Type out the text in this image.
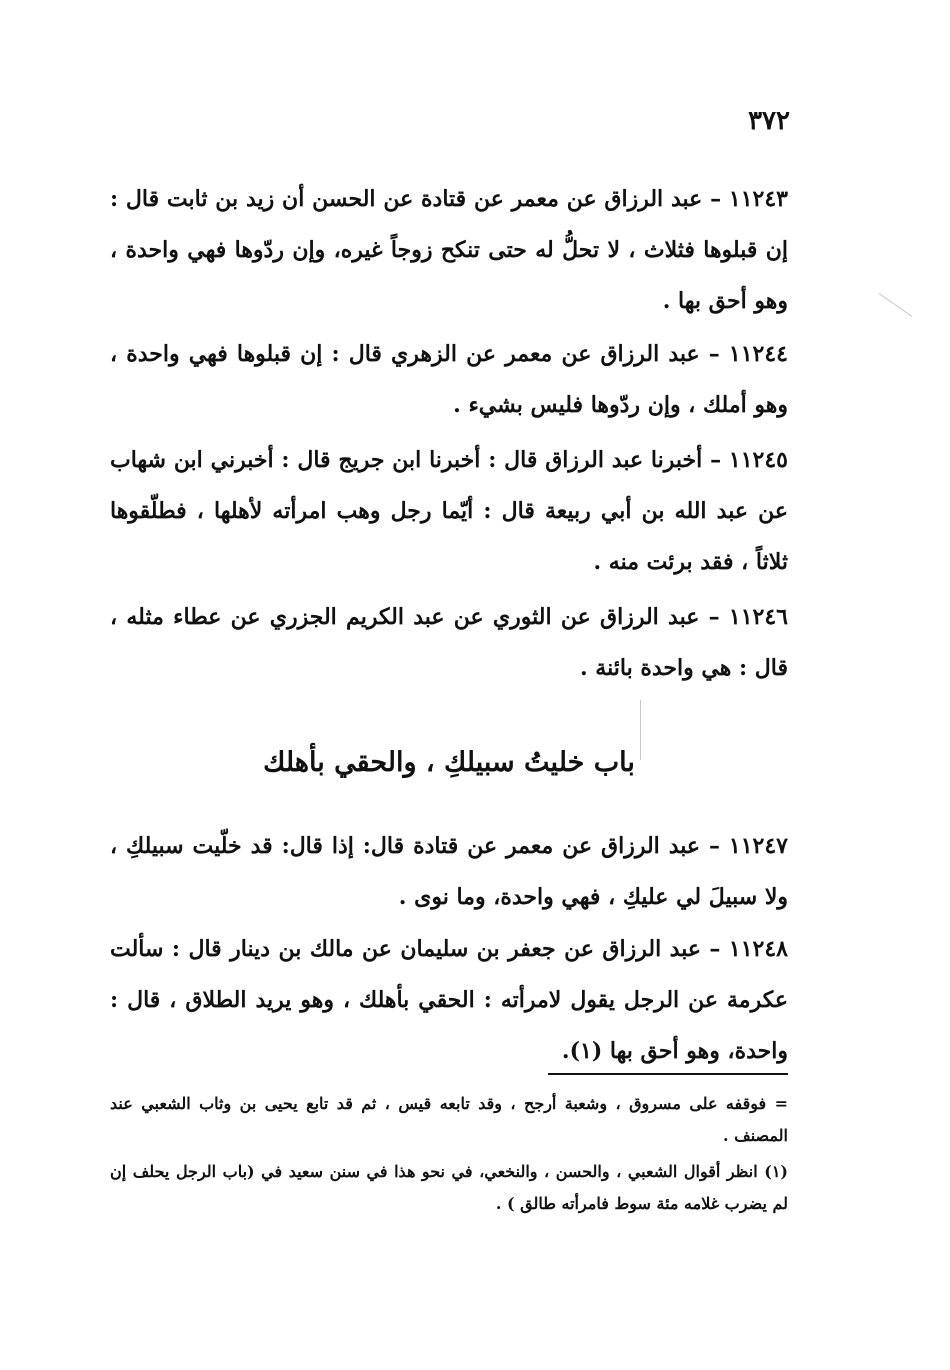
٣٧٢

١١٢٤٣ – عبد الرزاق عن معمر عن قتادة عن الحسن أن زيد بن ثابت قال : إن قبلوها فثلاث ، لا تحلُّ له حتى تنكح زوجاً غيره، وإن ردّوها فهي واحدة ، وهو أحق بها .

١١٢٤٤ – عبد الرزاق عن معمر عن الزهري قال : إن قبلوها فهي واحدة ، وهو أملك ، وإن ردّوها فليس بشيء .

١١٢٤٥ – أخبرنا عبد الرزاق قال : أخبرنا ابن جريج قال : أخبرني ابن شهاب عن عبد الله بن أبي ربيعة قال : أيّما رجل وهب امرأته لأهلها ، فطلّقوها ثلاثاً ، فقد برئت منه .

١١٢٤٦ – عبد الرزاق عن الثوري عن عبد الكريم الجزري عن عطاء مثله ، قال : هي واحدة بائنة .

باب خليتُ سبيلكِ ، والحقي بأهلك

١١٢٤٧ – عبد الرزاق عن معمر عن قتادة قال: إذا قال: قد خلّيت سبيلكِ ، ولا سبيلَ لي عليكِ ، فهي واحدة، وما نوى .

١١٢٤٨ – عبد الرزاق عن جعفر بن سليمان عن مالك بن دينار قال : سألت عكرمة عن الرجل يقول لامرأته : الحقي بأهلك ، وهو يريد الطلاق ، قال : واحدة، وهو أحق بها (١).

= فوقفه على مسروق ، وشعبة أرجح ، وقد تابعه قيس ، ثم قد تابع يحيى بن وثاب الشعبي عند المصنف .

(١) انظر أقوال الشعبي ، والحسن ، والنخعي، في نحو هذا في سنن سعيد في (باب الرجل يحلف إن لم يضرب غلامه مئة سوط فامرأته طالق ) .
